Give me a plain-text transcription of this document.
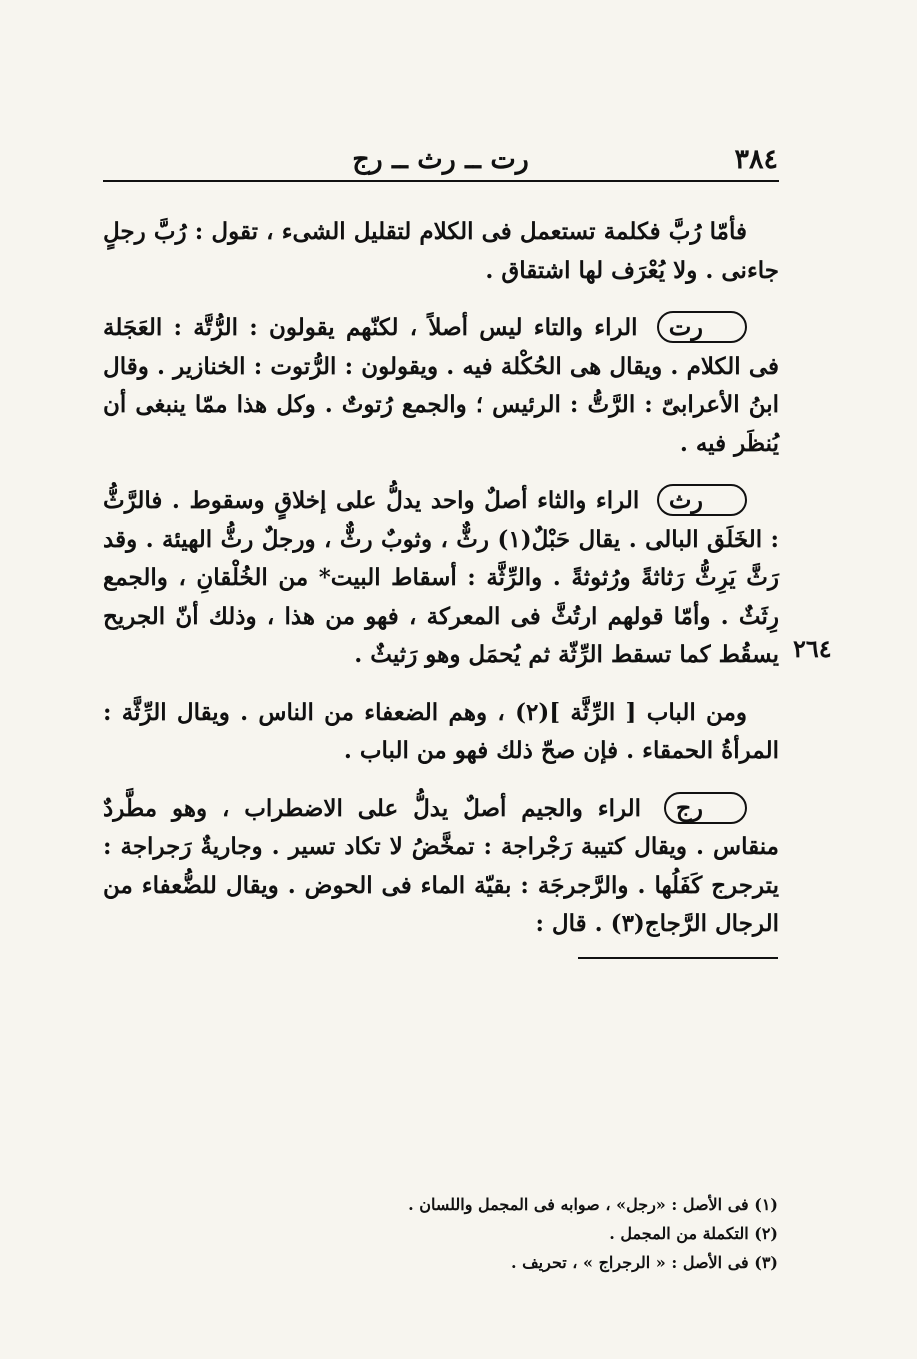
٣٨٤
رت ــ رث ــ رج

فأمّا رُبَّ فكلمة تستعمل فى الكلام لتقليل الشىء ، تقول : رُبَّ رجلٍ جاءنى . ولا يُعْرَف لها اشتقاق .

رت الراء والتاء ليس أصلاً ، لكنّهم يقولون : الرُّتَّة : العَجَلة فى الكلام . ويقال هى الحُكْلة فيه . ويقولون : الرُّتوت : الخنازير . وقال ابنُ الأعرابىّ : الرَّتُّ : الرئيس ؛ والجمع رُتوتٌ . وكل هذا ممّا ينبغى أن يُنظَر فيه .

رث الراء والثاء أصلٌ واحد يدلُّ على إخلاقٍ وسقوط . فالرَّثُّ : الخَلَق البالى . يقال حَبْلٌ(١) رثٌّ ، وثوبٌ رثٌّ ، ورجلٌ رثُّ الهيئة . وقد رَثَّ يَرِثُّ رَثاثةً ورُثوثةً . والرِّثَّة : أسقاط البيت* من الخُلْقانِ ، والجمع رِثَثٌ . وأمّا قولهم ارتُثَّ فى المعركة ، فهو من هذا ، وذلك أنّ الجريح يسقُط كما تسقط الرِّثّة ثم يُحمَل وهو رَثيثٌ .

ومن الباب [ الرِّثَّة ](٢) ، وهم الضعفاء من الناس . ويقال الرِّثَّة : المرأةُ الحمقاء . فإن صحّ ذلك فهو من الباب .

رج الراء والجيم أصلٌ يدلُّ على الاضطراب ، وهو مطَّردٌ منقاس . ويقال كتيبة رَجْراجة : تمخَّضُ لا تكاد تسير . وجاريةٌ رَجراجة : يترجرج كَفَلُها . والرَّجرجَة : بقيّة الماء فى الحوض . ويقال للضُّعفاء من الرجال الرَّجاج(٣) . قال :

٢٦٤
(١) فى الأصل : «رجل» ، صوابه فى المجمل واللسان .
(٢) التكملة من المجمل .
(٣) فى الأصل : « الرجراج » ، تحريف .
